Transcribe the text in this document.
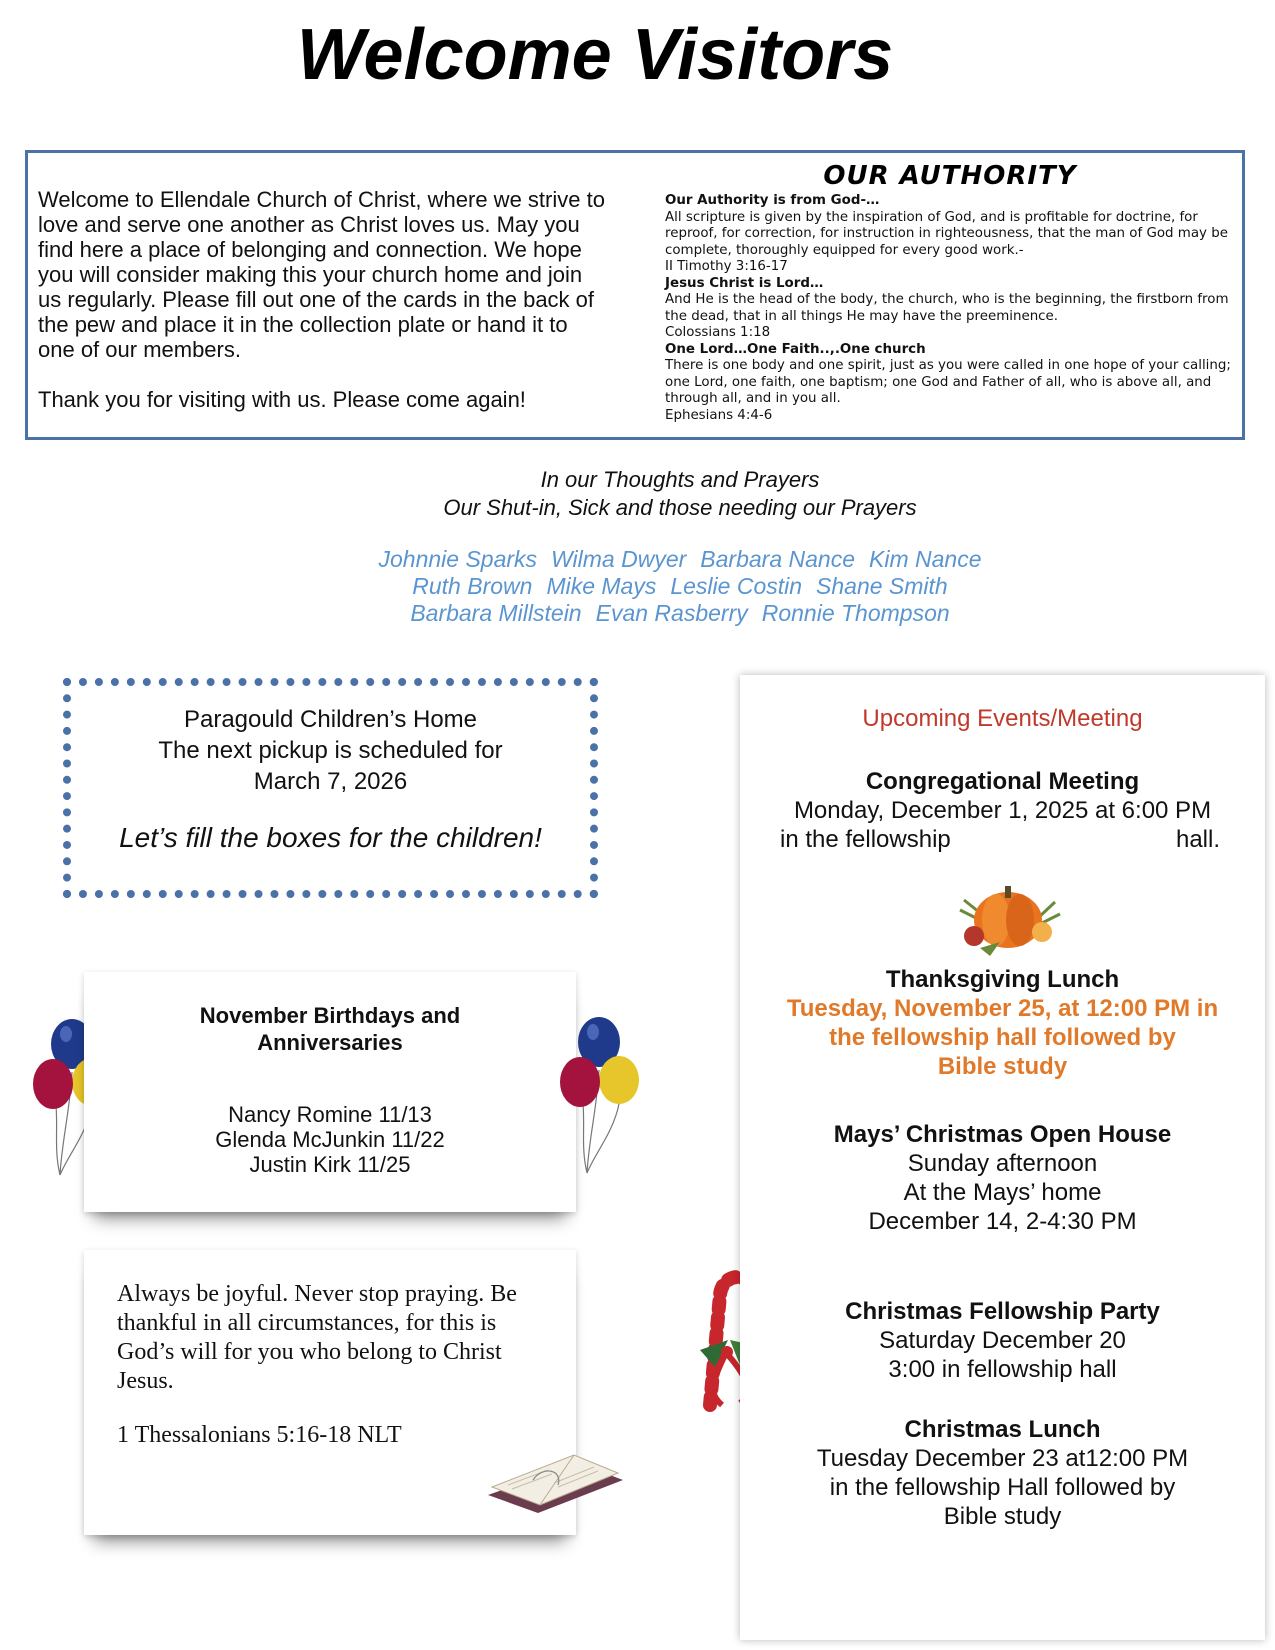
Welcome Visitors

Welcome to Ellendale Church of Christ, where we strive to love and serve one another as Christ loves us. May you find here a place of belonging and connection. We hope you will consider making this your church home and join us regularly. Please fill out one of the cards in the back of the pew and place it in the collection plate or hand it to one of our members.

Thank you for visiting with us. Please come again!

OUR AUTHORITY
Our Authority is from God-…
All scripture is given by the inspiration of God, and is profitable for doctrine, for reproof, for correction, for instruction in righteousness, that the man of God may be complete, thoroughly equipped for every good work.-
II Timothy 3:16-17
Jesus Christ is Lord…
And He is the head of the body, the church, who is the beginning, the firstborn from the dead, that in all things He may have the preeminence.
Colossians 1:18
One Lord…One Faith..,.One church
There is one body and one spirit, just as you were called in one hope of your calling; one Lord, one faith, one baptism; one God and Father of all, who is above all, and through all, and in you all.
Ephesians 4:4-6
In our Thoughts and Prayers
Our Shut-in, Sick and those needing our Prayers
Johnnie Sparks Wilma Dwyer Barbara Nance Kim Nance
Ruth Brown Mike Mays Leslie Costin Shane Smith
Barbara Millstein Evan Rasberry Ronnie Thompson
Paragould Children’s Home
The next pickup is scheduled for
March 7, 2026
Let’s fill the boxes for the children!
November Birthdays and
Anniversaries
Nancy Romine 11/13
Glenda McJunkin 11/22
Justin Kirk 11/25
Always be joyful. Never stop praying. Be thankful in all circumstances, for this is God’s will for you who belong to Christ Jesus.
1 Thessalonians 5:16-18 NLT
Upcoming Events/Meeting
Congregational Meeting
Monday, December 1, 2025 at 6:00 PM
in the fellowship	hall.
Thanksgiving Lunch
Tuesday, November 25, at 12:00 PM in
the fellowship hall followed by
Bible study
Mays’ Christmas Open House
Sunday afternoon
At the Mays’ home
December 14, 2-4:30 PM
Christmas Fellowship Party
Saturday December 20
3:00 in fellowship hall
Christmas Lunch
Tuesday December 23 at12:00 PM
in the fellowship Hall followed by
Bible study
